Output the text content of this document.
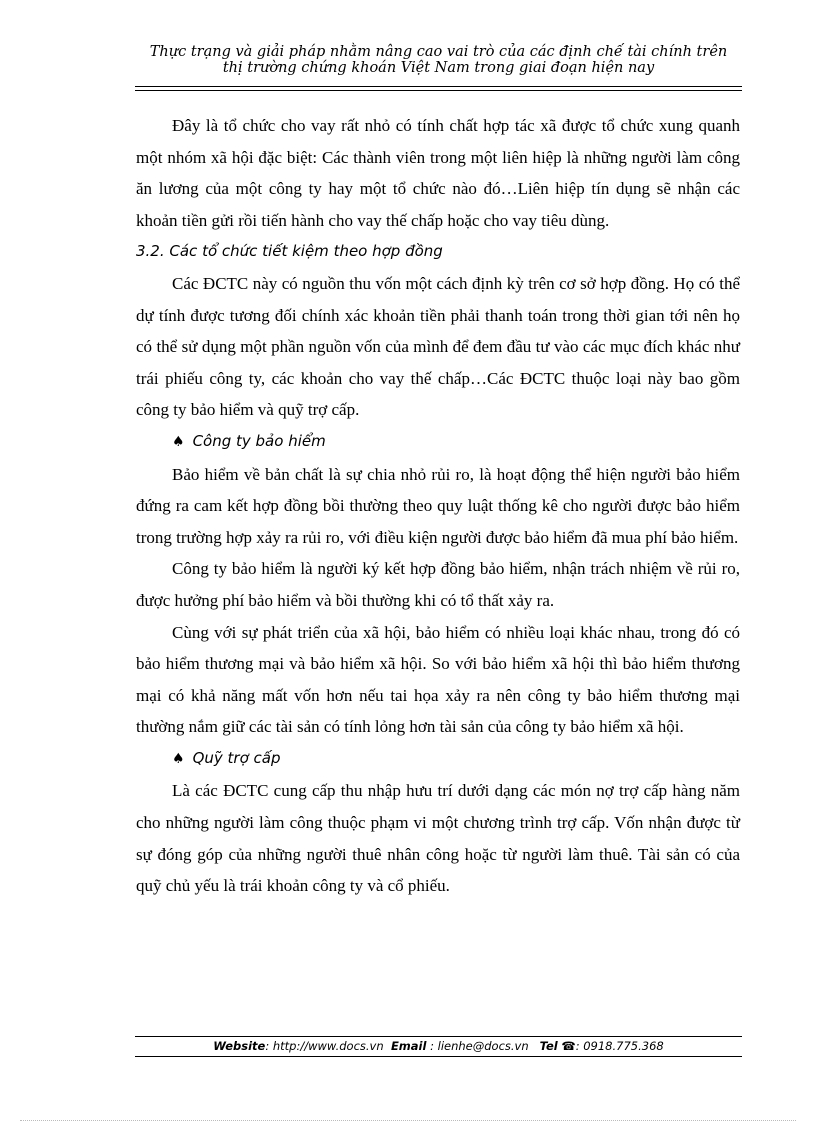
Thực trạng và giải pháp nhằm nâng cao vai trò của các định chế tài chính trên
thị trường chứng khoán Việt Nam trong giai đoạn hiện nay

Đây là tổ chức cho vay rất nhỏ có tính chất hợp tác xã được tổ chức xung quanh một nhóm xã hội đặc biệt: Các thành viên trong một liên hiệp là những người làm công ăn lương của một công ty hay một tổ chức nào đó…Liên hiệp tín dụng sẽ nhận các khoản tiền gửi rồi tiến hành cho vay thế chấp hoặc cho vay tiêu dùng.

3.2. Các tổ chức tiết kiệm theo hợp đồng

Các ĐCTC này có nguồn thu vốn một cách định kỳ trên cơ sở hợp đồng. Họ có thể dự tính được tương đối chính xác khoản tiền phải thanh toán trong thời gian tới nên họ có thể sử dụng một phần nguồn vốn của mình để đem đầu tư vào các mục đích khác như trái phiếu công ty, các khoản cho vay thế chấp…Các ĐCTC thuộc loại này bao gồm công ty bảo hiểm và quỹ trợ cấp.

♠ Công ty bảo hiểm

Bảo hiểm về bản chất là sự chia nhỏ rủi ro, là hoạt động thể hiện người bảo hiểm đứng ra cam kết hợp đồng bồi thường theo quy luật thống kê cho người được bảo hiểm trong trường hợp xảy ra rủi ro, với điều kiện người được bảo hiểm đã mua phí bảo hiểm.

Công ty bảo hiểm là người ký kết hợp đồng bảo hiểm, nhận trách nhiệm về rủi ro, được hưởng phí bảo hiểm và bồi thường khi có tổ thất xảy ra.

Cùng với sự phát triển của xã hội, bảo hiểm có nhiều loại khác nhau, trong đó có bảo hiểm thương mại và bảo hiểm xã hội. So với bảo hiểm xã hội thì bảo hiểm thương mại có khả năng mất vốn hơn nếu tai họa xảy ra nên công ty bảo hiểm thương mại thường nắm giữ các tài sản có tính lỏng hơn tài sản của công ty bảo hiểm xã hội.

♠ Quỹ trợ cấp

Là các ĐCTC cung cấp thu nhập hưu trí dưới dạng các món nợ trợ cấp hàng năm cho những người làm công thuộc phạm vi một chương trình trợ cấp. Vốn nhận được từ sự đóng góp của những người thuê nhân công hoặc từ người làm thuê. Tài sản có của quỹ chủ yếu là trái khoản công ty và cổ phiếu.

Website: http://www.docs.vn Email : lienhe@docs.vn Tel ☎: 0918.775.368
